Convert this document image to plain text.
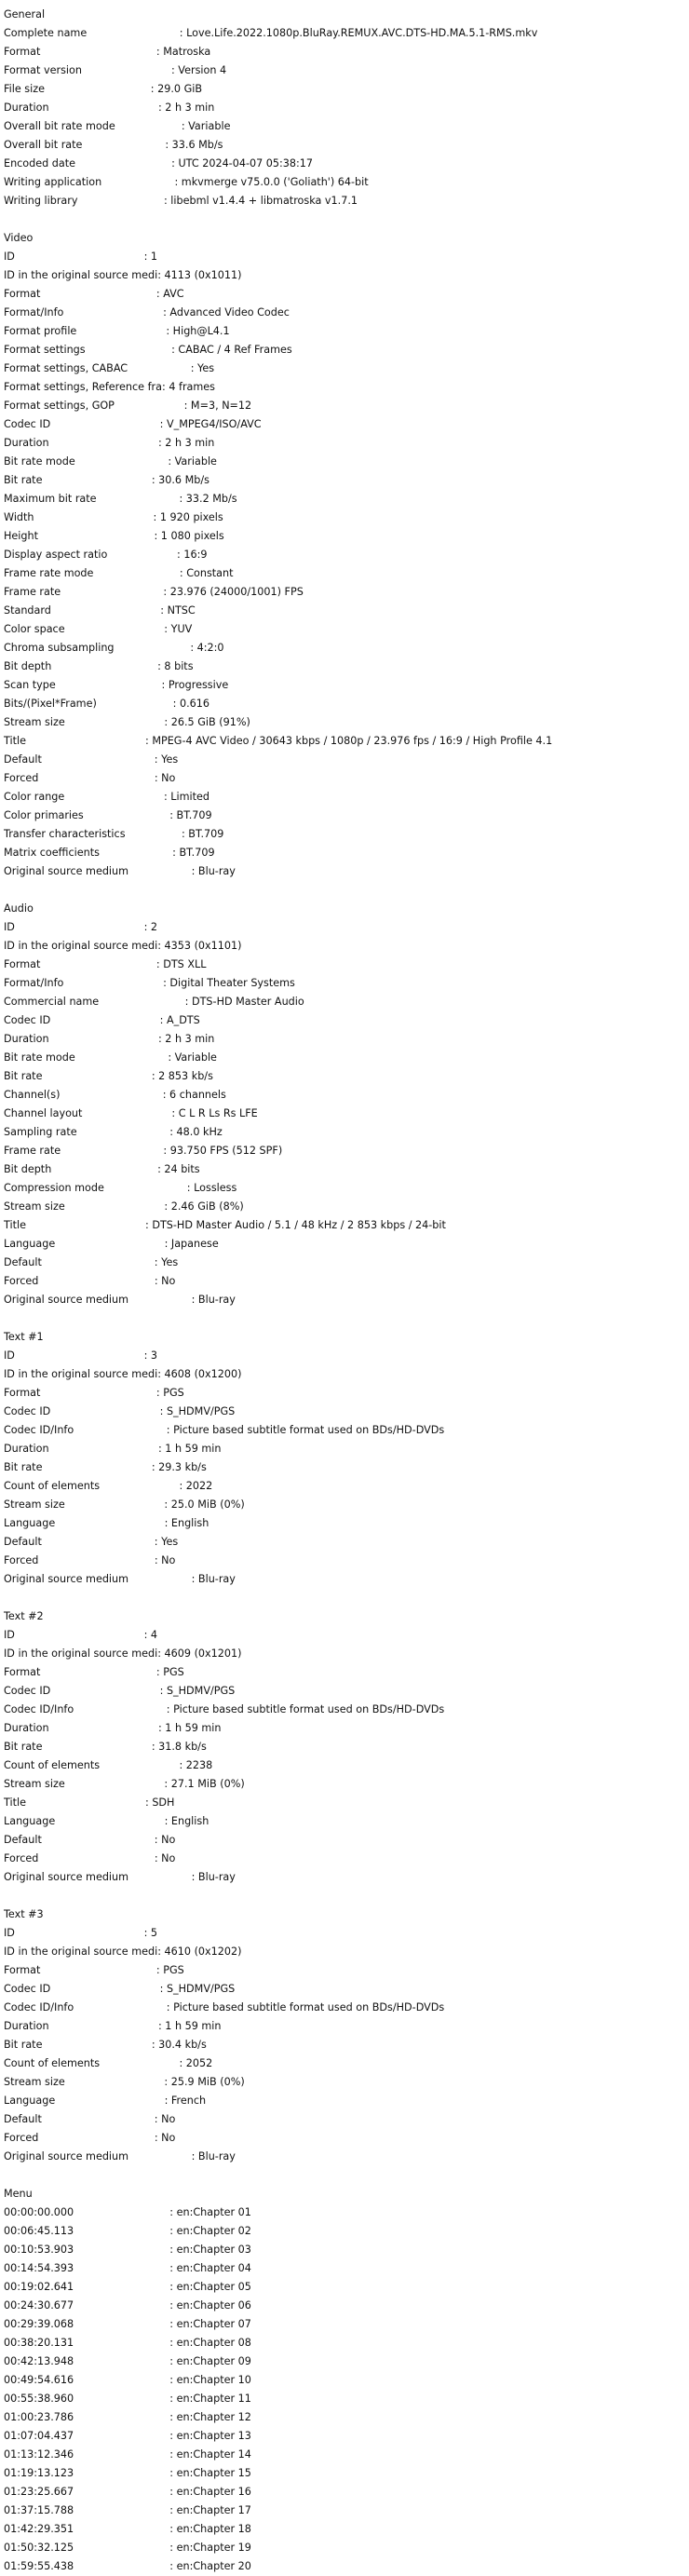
General
Complete name                            : Love.Life.2022.1080p.BluRay.REMUX.AVC.DTS-HD.MA.5.1-RMS.mkv
Format                                   : Matroska
Format version                           : Version 4
File size                                : 29.0 GiB
Duration                                 : 2 h 3 min
Overall bit rate mode                    : Variable
Overall bit rate                         : 33.6 Mb/s
Encoded date                             : UTC 2024-04-07 05:38:17
Writing application                      : mkvmerge v75.0.0 ('Goliath') 64-bit
Writing library                          : libebml v1.4.4 + libmatroska v1.7.1
Video
ID                                       : 1
ID in the original source medi: 4113 (0x1011)
Format                                   : AVC
Format/Info                              : Advanced Video Codec
Format profile                           : High@L4.1
Format settings                          : CABAC / 4 Ref Frames
Format settings, CABAC                   : Yes
Format settings, Reference fra: 4 frames
Format settings, GOP                     : M=3, N=12
Codec ID                                 : V_MPEG4/ISO/AVC
Duration                                 : 2 h 3 min
Bit rate mode                            : Variable
Bit rate                                 : 30.6 Mb/s
Maximum bit rate                         : 33.2 Mb/s
Width                                    : 1 920 pixels
Height                                   : 1 080 pixels
Display aspect ratio                     : 16:9
Frame rate mode                          : Constant
Frame rate                               : 23.976 (24000/1001) FPS
Standard                                 : NTSC
Color space                              : YUV
Chroma subsampling                       : 4:2:0
Bit depth                                : 8 bits
Scan type                                : Progressive
Bits/(Pixel*Frame)                       : 0.616
Stream size                              : 26.5 GiB (91%)
Title                                    : MPEG-4 AVC Video / 30643 kbps / 1080p / 23.976 fps / 16:9 / High Profile 4.1
Default                                  : Yes
Forced                                   : No
Color range                              : Limited
Color primaries                          : BT.709
Transfer characteristics                 : BT.709
Matrix coefficients                      : BT.709
Original source medium                   : Blu-ray
Audio
ID                                       : 2
ID in the original source medi: 4353 (0x1101)
Format                                   : DTS XLL
Format/Info                              : Digital Theater Systems
Commercial name                          : DTS-HD Master Audio
Codec ID                                 : A_DTS
Duration                                 : 2 h 3 min
Bit rate mode                            : Variable
Bit rate                                 : 2 853 kb/s
Channel(s)                               : 6 channels
Channel layout                           : C L R Ls Rs LFE
Sampling rate                            : 48.0 kHz
Frame rate                               : 93.750 FPS (512 SPF)
Bit depth                                : 24 bits
Compression mode                         : Lossless
Stream size                              : 2.46 GiB (8%)
Title                                    : DTS-HD Master Audio / 5.1 / 48 kHz / 2 853 kbps / 24-bit
Language                                 : Japanese
Default                                  : Yes
Forced                                   : No
Original source medium                   : Blu-ray
Text #1
ID                                       : 3
ID in the original source medi: 4608 (0x1200)
Format                                   : PGS
Codec ID                                 : S_HDMV/PGS
Codec ID/Info                            : Picture based subtitle format used on BDs/HD-DVDs
Duration                                 : 1 h 59 min
Bit rate                                 : 29.3 kb/s
Count of elements                        : 2022
Stream size                              : 25.0 MiB (0%)
Language                                 : English
Default                                  : Yes
Forced                                   : No
Original source medium                   : Blu-ray
Text #2
ID                                       : 4
ID in the original source medi: 4609 (0x1201)
Format                                   : PGS
Codec ID                                 : S_HDMV/PGS
Codec ID/Info                            : Picture based subtitle format used on BDs/HD-DVDs
Duration                                 : 1 h 59 min
Bit rate                                 : 31.8 kb/s
Count of elements                        : 2238
Stream size                              : 27.1 MiB (0%)
Title                                    : SDH
Language                                 : English
Default                                  : No
Forced                                   : No
Original source medium                   : Blu-ray
Text #3
ID                                       : 5
ID in the original source medi: 4610 (0x1202)
Format                                   : PGS
Codec ID                                 : S_HDMV/PGS
Codec ID/Info                            : Picture based subtitle format used on BDs/HD-DVDs
Duration                                 : 1 h 59 min
Bit rate                                 : 30.4 kb/s
Count of elements                        : 2052
Stream size                              : 25.9 MiB (0%)
Language                                 : French
Default                                  : No
Forced                                   : No
Original source medium                   : Blu-ray
Menu
00:00:00.000                             : en:Chapter 01
00:06:45.113                             : en:Chapter 02
00:10:53.903                             : en:Chapter 03
00:14:54.393                             : en:Chapter 04
00:19:02.641                             : en:Chapter 05
00:24:30.677                             : en:Chapter 06
00:29:39.068                             : en:Chapter 07
00:38:20.131                             : en:Chapter 08
00:42:13.948                             : en:Chapter 09
00:49:54.616                             : en:Chapter 10
00:55:38.960                             : en:Chapter 11
01:00:23.786                             : en:Chapter 12
01:07:04.437                             : en:Chapter 13
01:13:12.346                             : en:Chapter 14
01:19:13.123                             : en:Chapter 15
01:23:25.667                             : en:Chapter 16
01:37:15.788                             : en:Chapter 17
01:42:29.351                             : en:Chapter 18
01:50:32.125                             : en:Chapter 19
01:59:55.438                             : en:Chapter 20
